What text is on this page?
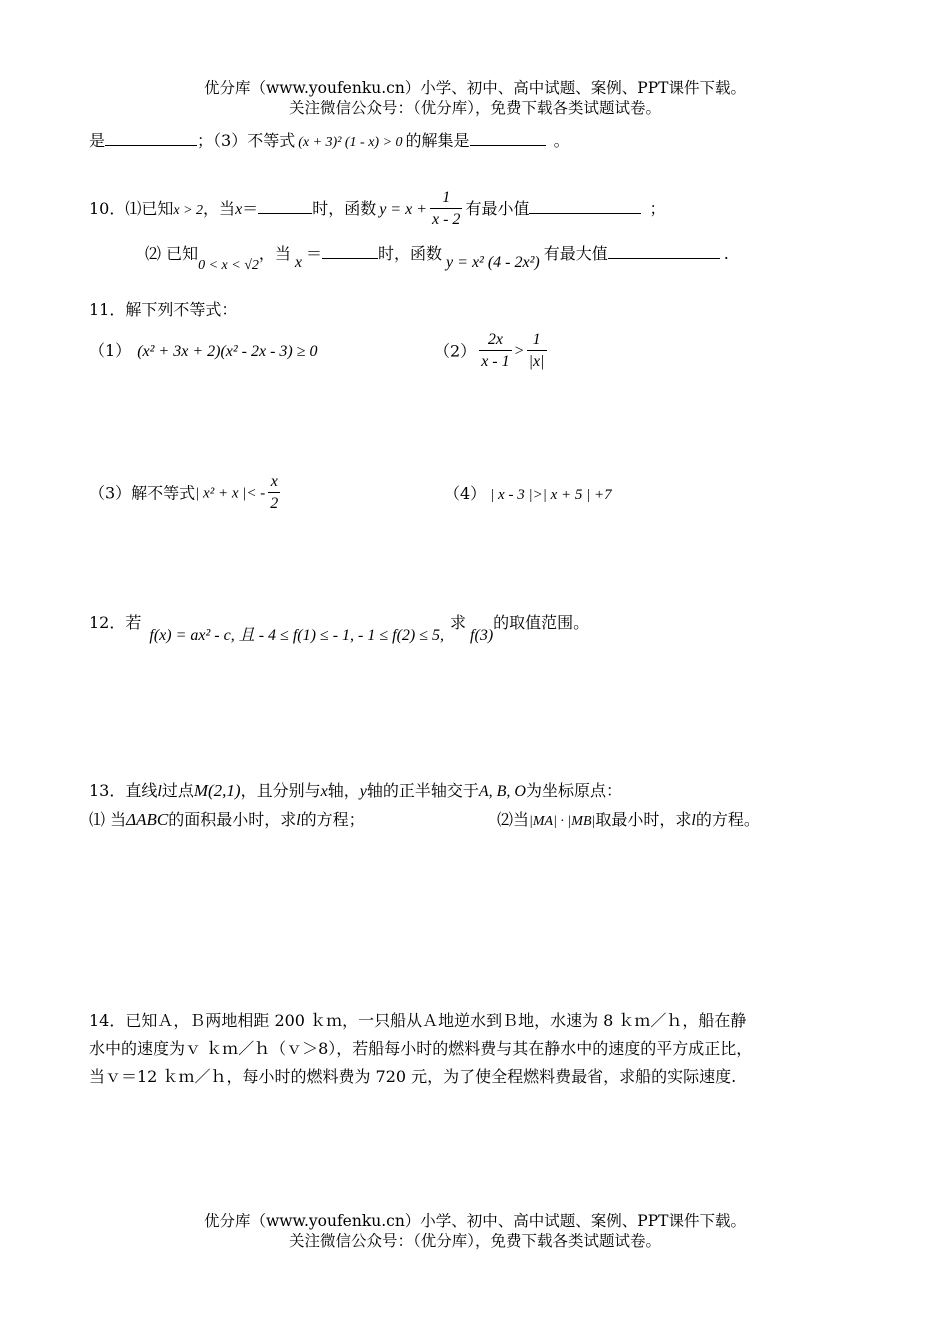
优分库（www.youfenku.cn）小学、初中、高中试题、案例、PPT课件下载。
关注微信公众号：（优分库），免费下载各类试题试卷。
是	；（3）不等式 (x + 3)² (1 - x) > 0 的解集是	。
10．⑴已知x > 2，当x＝	时，函数 $y = x + \frac{1}{x - 2}$ 有最小值	；
⑵ 已知0 < x < √2，当 x ＝	时，函数 y = x² (4 - 2x²) 有最大值	.
11．解下列不等式：
（1） (x² + 3x + 2)(x² - 2x - 3) ≥ 0	$(2) \frac{2x}{x - 1} > \frac{1}{|x|}$
（3）解不等式| x² + x |< - $\frac{x}{2}$	（4） | x - 3 |>| x + 5 | +7
12．若f(x) = ax² - c, 且 - 4 ≤ f(1) ≤ - 1, - 1 ≤ f(2) ≤ 5,求f(3)的取值范围。
13．直线l过点M(2,1)，且分别与x轴，y轴的正半轴交于A, B, O为坐标原点：
⑴ 当ΔABC的面积最小时，求l的方程；	⑵当|MA| · |MB|取最小时，求l的方程。
14．已知Ａ，Ｂ两地相距 200 ｋｍ，一只船从Ａ地逆水到Ｂ地，水速为 8 ｋｍ／ｈ，船在静
水中的速度为ｖ ｋｍ／ｈ（ｖ＞8），若船每小时的燃料费与其在静水中的速度的平方成正比，
当ｖ＝12 ｋｍ／ｈ，每小时的燃料费为 720 元，为了使全程燃料费最省，求船的实际速度.
优分库（www.youfenku.cn）小学、初中、高中试题、案例、PPT课件下载。
关注微信公众号：（优分库），免费下载各类试题试卷。
